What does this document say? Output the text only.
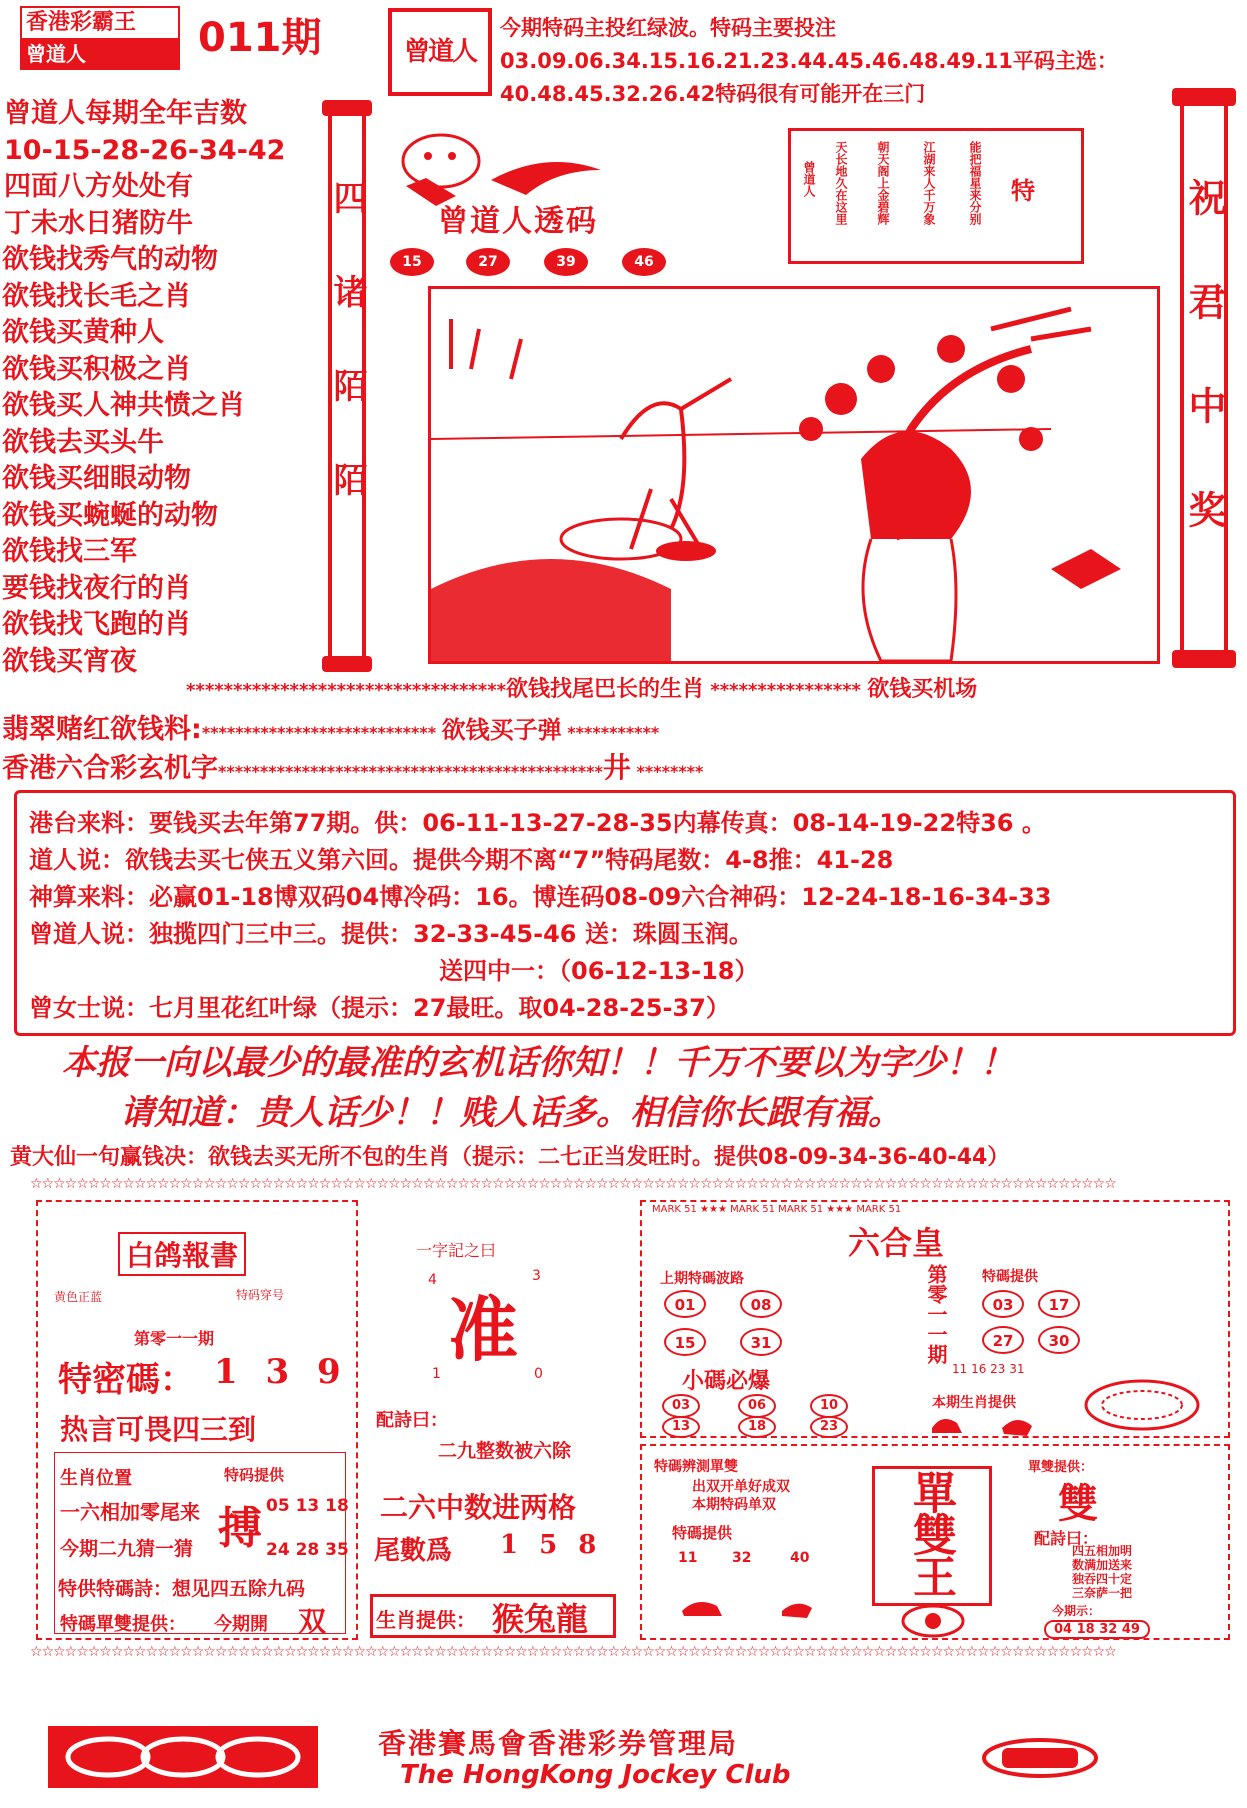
香港彩霸王
曾道人	011期	曾道人
今期特码主投红绿波。特码主要投注03.09.06.34.15.16.21.23.44.45.46.48.49.11平码主选：40.48.45.32.26.42特码很有可能开在三门
曾道人每期全年吉数
10-15-28-26-34-42
四面八方处处有
丁未水日猪防牛
欲钱找秀气的动物
欲钱找长毛之肖
欲钱买黄种人
欲钱买积极之肖
欲钱买人神共愤之肖
欲钱去买头牛
欲钱买细眼动物
欲钱买蜿蜒的动物
欲钱找三军
要钱找夜行的肖
欲钱找飞跑的肖
欲钱买宵夜
四诸陌陌	祝君中奖
曾道人透码
15	27	39	46
曾道人 天长地久在这里 朝天阁上金碧辉	江湖来人千万象	能把福星来分别 特
**********************************欲钱找尾巴长的生肖 **************** 欲钱买机场
翡翠赌红欲钱料:**************************** 欲钱买子弹 ***********
香港六合彩玄机字**********************************************井 ********
港台来料：要钱买去年第77期。供：06-11-13-27-28-35内幕传真：08-14-19-22特36 。
道人说：欲钱去买七侠五义第六回。提供今期不离“7”特码尾数：4-8推：41-28
神算来料：必赢01-18博双码04博冷码：16。博连码08-09六合神码：12-24-18-16-34-33
曾道人说：独揽四门三中三。提供：32-33-45-46 送：珠圆玉润。
送四中一：（06-12-13-18）
曾女士说：七月里花红叶绿（提示：27最旺。取04-28-25-37）
本报一向以最少的最准的玄机话你知！！千万不要以为字少！！
请知道：贵人话少！！贱人话多。相信你长跟有福。
黄大仙一句赢钱决：欲钱去买无所不包的生肖（提示：二七正当发旺时。提供08-09-34-36-40-44）
☆☆☆☆☆☆☆☆☆☆☆☆☆☆☆☆☆☆☆☆☆☆☆☆☆☆☆☆☆☆☆☆☆☆☆☆☆☆☆☆☆☆☆☆☆☆☆☆☆☆☆☆☆☆☆☆☆☆☆☆☆☆☆☆☆☆☆☆☆☆☆☆☆☆☆☆☆☆☆☆☆☆☆☆☆☆☆☆☆☆☆☆☆☆
白鸽報書
黄色正蓝	特码穿号
第零一一期
特密碼： 1 3 9
热言可畏四三到
生肖位置
一六相加零尾来
今期二九猜一猜
特码提供
搏 05 13 18
24 28 35
特供特碼詩：想见四五除九码
特碼單雙提供： 今期開 双
一字記之曰
4	3
准
1	0
配詩曰：
二九整数被六除
二六中数进两格
尾數爲 1 5 8
生肖提供： 猴兔龍
MARK 51 ★★★ MARK 51 MARK 51 ★★★ MARK 51
六合皇
上期特碼波路
01	08
15	31	第零一一期 特碼提供
03	17
27	30
小碼必爆	11 16 23 31
03	06	10
13	18	23
本期生肖提供
特碼辨測單雙
出双开单好成双
本期特码单双
特碼提供
11 32	40 單雙王
單雙提供：
雙
配詩曰：
四五相加明
数满加送来
独吞四十定
三奈萨一把
今期示：
04 18 32 49
☆☆☆☆☆☆☆☆☆☆☆☆☆☆☆☆☆☆☆☆☆☆☆☆☆☆☆☆☆☆☆☆☆☆☆☆☆☆☆☆☆☆☆☆☆☆☆☆☆☆☆☆☆☆☆☆☆☆☆☆☆☆☆☆☆☆☆☆☆☆☆☆☆☆☆☆☆☆☆☆☆☆☆☆☆☆☆☆☆☆☆☆☆☆
香港賽馬會香港彩券管理局
The HongKong Jockey Club
